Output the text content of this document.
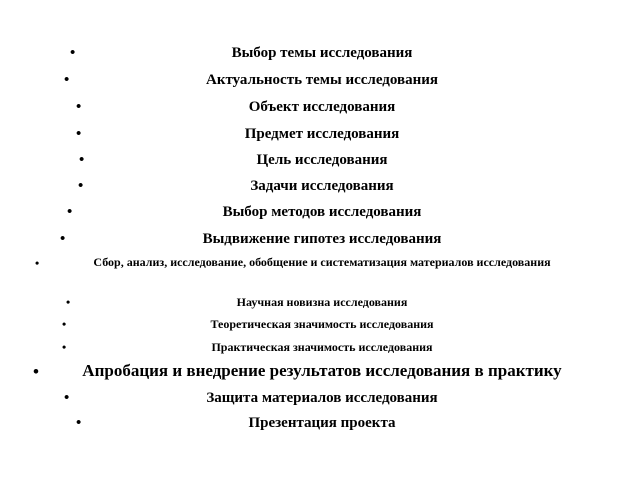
•	Выбор темы исследования
•	Актуальность темы исследования
•	Объект исследования
•	Предмет исследования
•	Цель исследования
•	Задачи исследования
•	Выбор методов исследования
•	Выдвижение гипотез исследования
•	Сбор, анализ, исследование, обобщение и систематизация материалов исследования
•	Научная новизна исследования
•	Теоретическая значимость исследования
•	Практическая значимость исследования
•	Апробация и внедрение результатов исследования в практику
•	Защита материалов исследования
•	Презентация проекта
